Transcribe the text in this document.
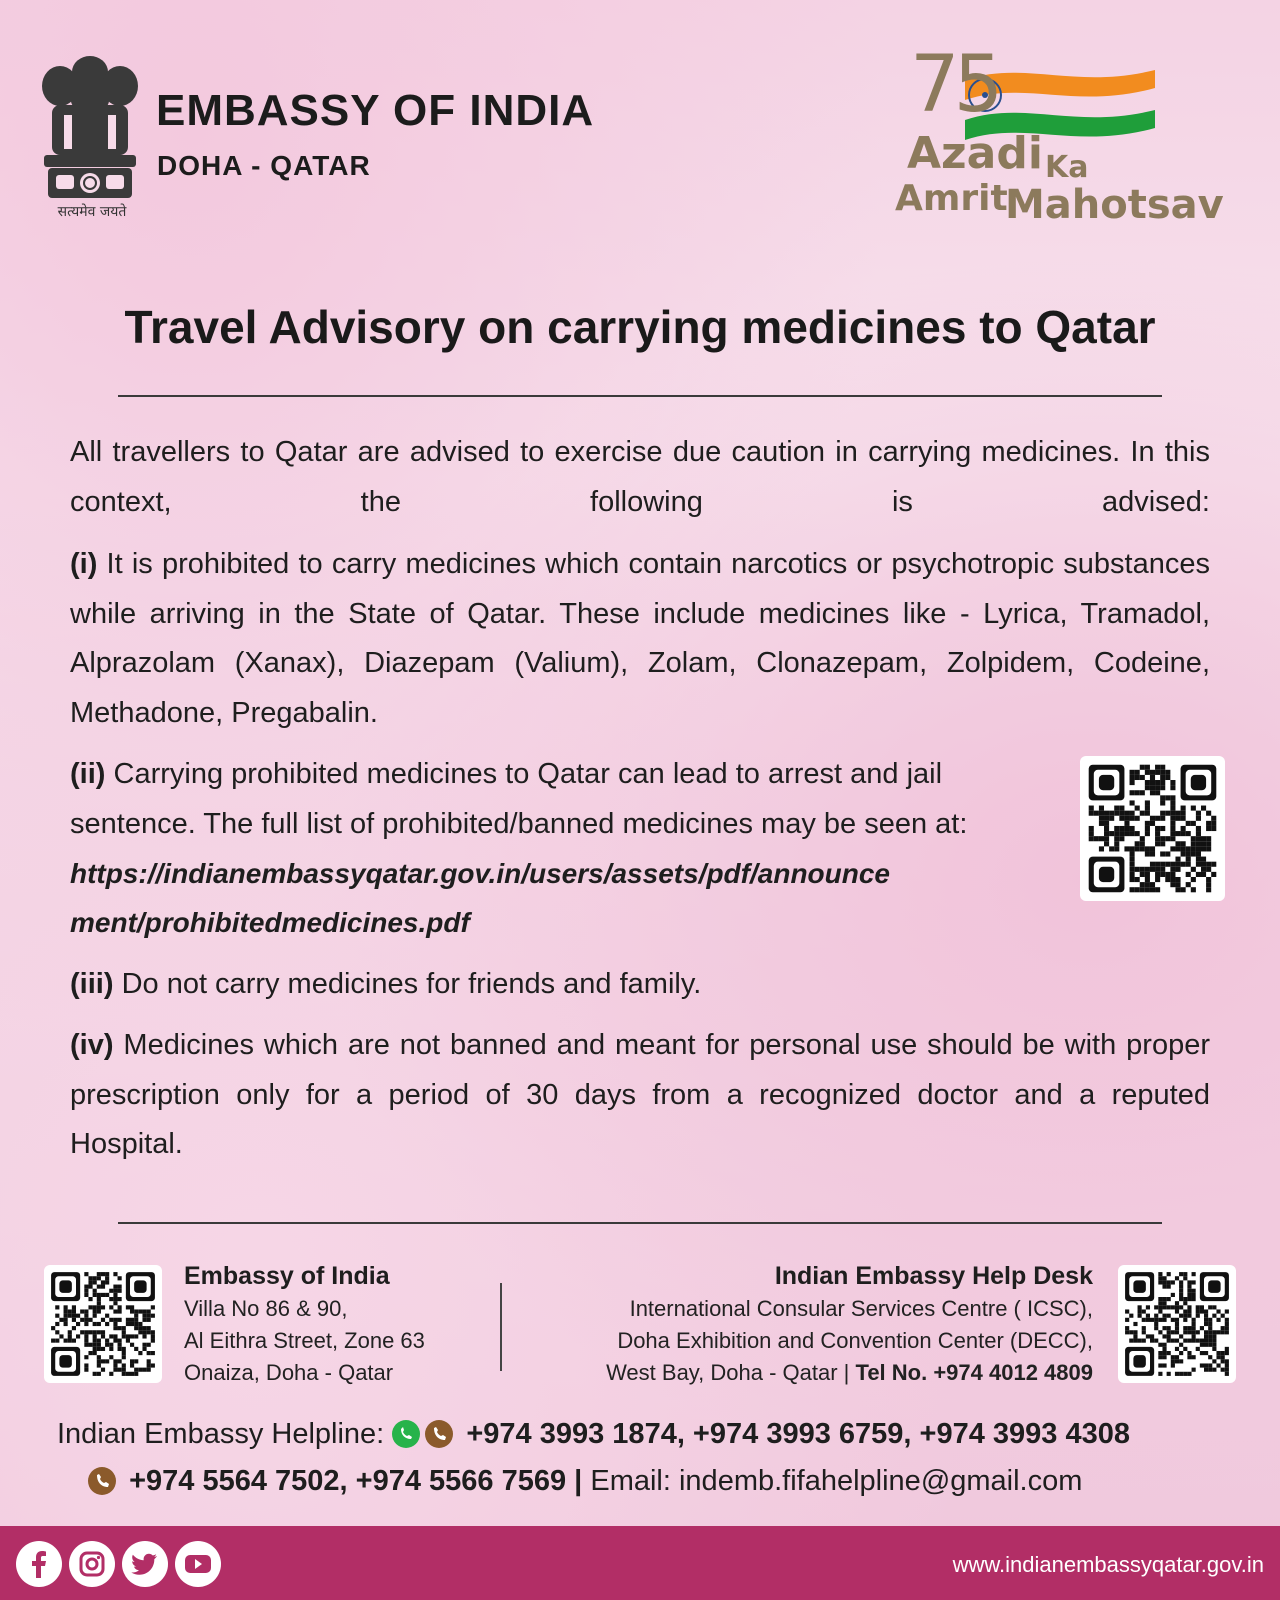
सत्यमेव जयते
EMBASSY OF INDIA
DOHA - QATAR
75
Azadi Ka
Amrit
Mahotsav
Travel Advisory on carrying medicines to Qatar
All travellers to Qatar are advised to exercise due caution in carrying medicines. In this context, the following is advised:
(i) It is prohibited to carry medicines which contain narcotics or psychotropic substances while arriving in the State of Qatar. These include medicines like - Lyrica, Tramadol, Alprazolam (Xanax), Diazepam (Valium), Zolam, Clonazepam, Zolpidem, Codeine, Methadone, Pregabalin.
(ii) Carrying prohibited medicines to Qatar can lead to arrest and jail sentence. The full list of prohibited/banned medicines may be seen at:
https://indianembassyqatar.gov.in/users/assets/pdf/announce
ment/prohibitedmedicines.pdf
(iii) Do not carry medicines for friends and family.
(iv) Medicines which are not banned and meant for personal use should be with proper prescription only for a period of 30 days from a recognized doctor and a reputed Hospital.
Embassy of India
Villa No 86 & 90,
Al Eithra Street, Zone 63
Onaiza, Doha - Qatar
Indian Embassy Help Desk
International Consular Services Centre ( ICSC),
Doha Exhibition and Convention Center (DECC),
West Bay, Doha - Qatar | Tel No. +974 4012 4809
Indian Embassy Helpline:	+974 3993 1874, +974 3993 6759, +974 3993 4308
+974 5564 7502, +974 5566 7569 | Email: indemb.fifahelpline@gmail.com
www.indianembassyqatar.gov.in
